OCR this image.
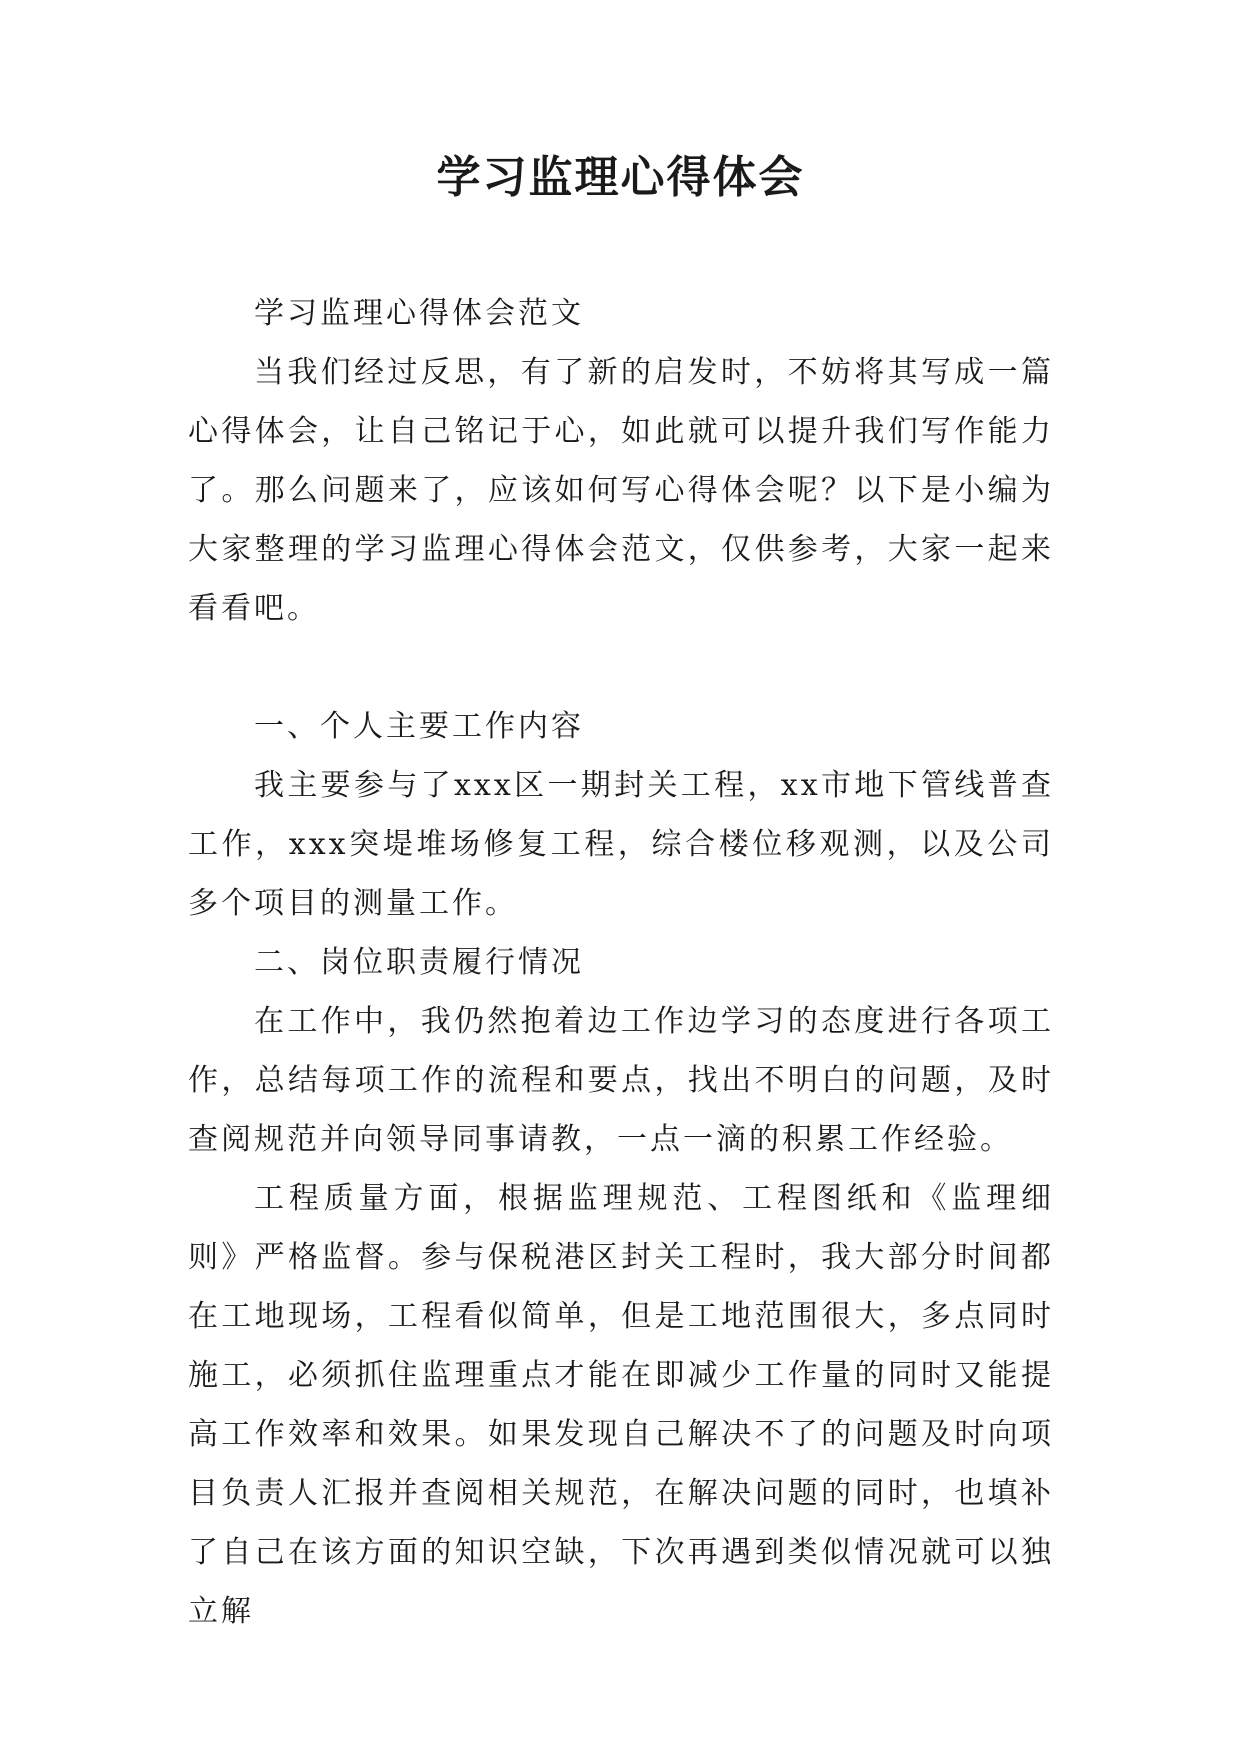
学习监理心得体会

学习监理心得体会范文

当我们经过反思，有了新的启发时，不妨将其写成一篇心得体会，让自己铭记于心，如此就可以提升我们写作能力了。那么问题来了，应该如何写心得体会呢？以下是小编为大家整理的学习监理心得体会范文，仅供参考，大家一起来看看吧。

一、个人主要工作内容

我主要参与了xxx区一期封关工程，xx市地下管线普查工作，xxx突堤堆场修复工程，综合楼位移观测，以及公司多个项目的测量工作。

二、岗位职责履行情况

在工作中，我仍然抱着边工作边学习的态度进行各项工作，总结每项工作的流程和要点，找出不明白的问题，及时查阅规范并向领导同事请教，一点一滴的积累工作经验。

工程质量方面，根据监理规范、工程图纸和《监理细则》严格监督。参与保税港区封关工程时，我大部分时间都在工地现场，工程看似简单，但是工地范围很大，多点同时施工，必须抓住监理重点才能在即减少工作量的同时又能提高工作效率和效果。如果发现自己解决不了的问题及时向项目负责人汇报并查阅相关规范，在解决问题的同时，也填补了自己在该方面的知识空缺，下次再遇到类似情况就可以独立解
